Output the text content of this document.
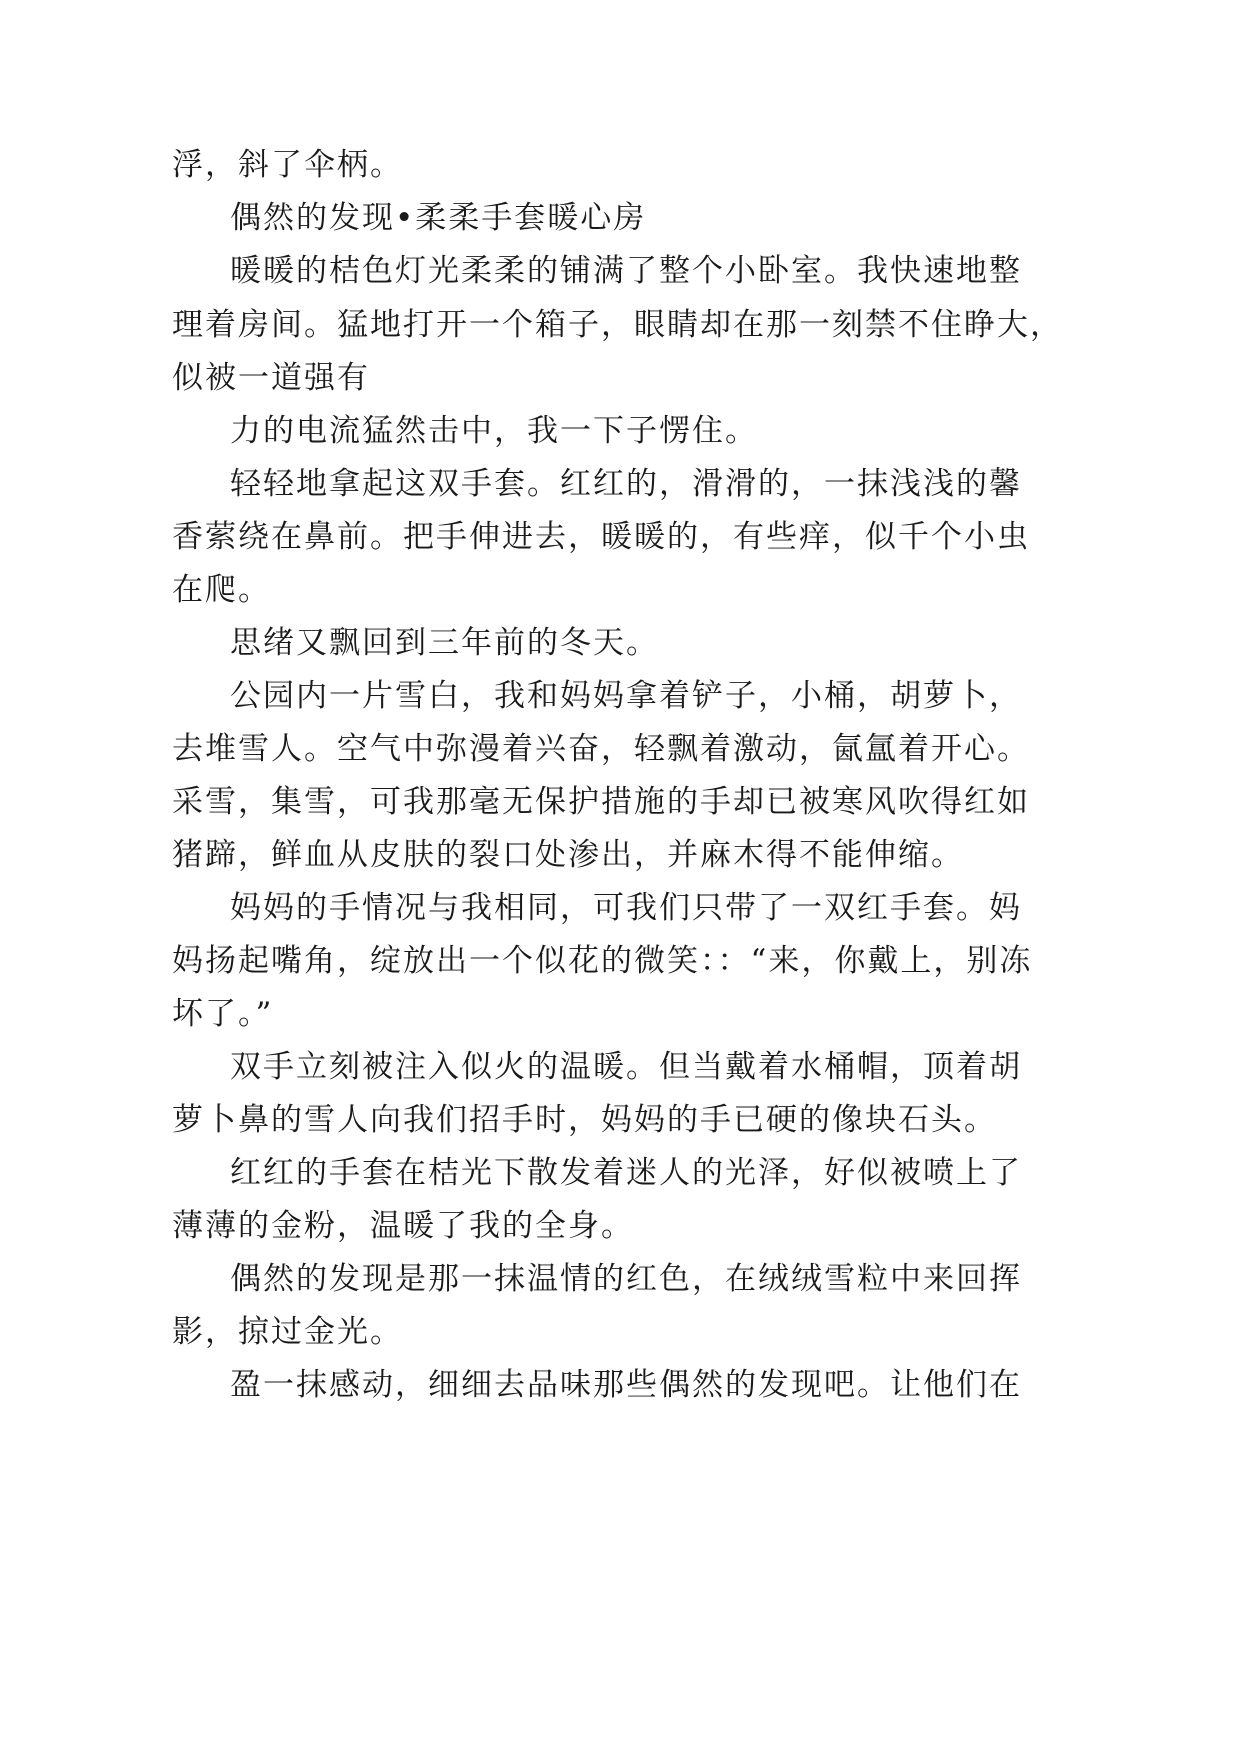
浮，斜了伞柄。
偶然的发现•柔柔手套暖心房
暖暖的桔色灯光柔柔的铺满了整个小卧室。我快速地整
理着房间。猛地打开一个箱子，眼睛却在那一刻禁不住睁大，
似被一道强有
力的电流猛然击中，我一下子愣住。
轻轻地拿起这双手套。红红的，滑滑的，一抹浅浅的馨
香萦绕在鼻前。把手伸进去，暖暖的，有些痒，似千个小虫
在爬。
思绪又飘回到三年前的冬天。
公园内一片雪白，我和妈妈拿着铲子，小桶，胡萝卜，
去堆雪人。空气中弥漫着兴奋，轻飘着激动，氤氲着开心。
采雪，集雪，可我那毫无保护措施的手却已被寒风吹得红如
猪蹄，鲜血从皮肤的裂口处渗出，并麻木得不能伸缩。
妈妈的手情况与我相同，可我们只带了一双红手套。妈
妈扬起嘴角，绽放出一个似花的微笑：：“来，你戴上，别冻
坏了。”
双手立刻被注入似火的温暖。但当戴着水桶帽，顶着胡
萝卜鼻的雪人向我们招手时，妈妈的手已硬的像块石头。
红红的手套在桔光下散发着迷人的光泽，好似被喷上了
薄薄的金粉，温暖了我的全身。
偶然的发现是那一抹温情的红色，在绒绒雪粒中来回挥
影，掠过金光。
盈一抹感动，细细去品味那些偶然的发现吧。让他们在
